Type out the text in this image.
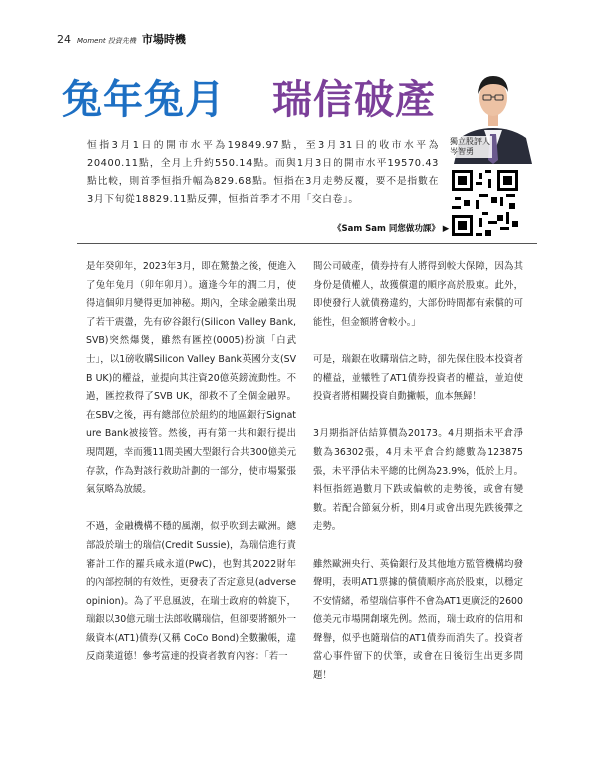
24 Moment 投資先機 市場時機
兔年兔月 瑞信破產
獨立股評人
岑智勇

恒指3月1日的開市水平為19849.97點，至3月31日的收市水平為20400.11點，全月上升約550.14點。而與1月3日的開市水平19570.43點比較，則首季恒指升幅為829.68點。恒指在3月走勢反覆，要不是指數在3月下旬從18829.11點反彈，恒指首季才不用「交白卷」。

《Sam Sam 同您做功課》 ▶

是年癸卯年，2023年3月，即在驚蟄之後，便進入了兔年兔月（卯年卯月）。適逢今年的潤二月，使得這個卯月變得更加神秘。期內，全球金融業出現了若干震盪，先有矽谷銀行(Silicon Valley Bank, SVB)突然爆煲，雖然有匯控(0005)扮演「白武士」，以1磅收購Silicon Valley Bank英國分支(SVB UK)的權益，並提向其注資20億英鎊流動性。不過，匯控救得了SVB UK，卻救不了全個金融界。在SBV之後，再有總部位於紐約的地區銀行Signature Bank被接管。然後，再有第一共和銀行提出現問題，幸而獲11間美國大型銀行合共300億美元存款，作為對該行救助計劃的一部分，使市場緊張氣氛略為放緩。

不過，金融機構不穩的風潮，似乎吹到去歐洲。總部設於瑞士的瑞信(Credit Sussie)，為瑞信進行責審計工作的羅兵咸永道(PwC)，也對其2022財年的內部控制的有效性，更發表了否定意見(adverse opinion)。為了平息風波，在瑞士政府的斡旋下，瑞銀以30億元瑞士法郎收購瑞信，但卻要將額外一級資本(AT1)債券(又稱 CoCo Bond)全數撇帳，違反商業道德！參考富達的投資者教育內容：「若一

間公司破產，債券持有人將得到較大保障，因為其身份是債權人，故獲償還的順序高於股東。此外，即使發行人就債務違約，大部份時間都有索償的可能性，但金額將會較小。」

可是，瑞銀在收購瑞信之時，卻先保住股本投資者的權益，並犧牲了AT1債券投資者的權益，並迫使投資者將相關投資自動撇帳，血本無歸！

3月期指評估結算價為20173。4月期指未平倉淨數為36302張，4月未平倉合約總數為123875張，未平淨佔未平總的比例為23.9%，低於上月。料恒指經過數月下跌或偏軟的走勢後，或會有變數。若配合節氣分析，則4月或會出現先跌後彈之走勢。

雖然歐洲央行、英倫銀行及其他地方監管機構均發聲明，表明AT1票據的償債順序高於股東，以穩定不安情緒，希望瑞信事件不會為AT1更廣泛的2600億美元市場開創壞先例。然而，瑞士政府的信用和聲譽，似乎也隨瑞信的AT1債券而消失了。投資者當心事件留下的伏筆，或會在日後衍生出更多問題！
